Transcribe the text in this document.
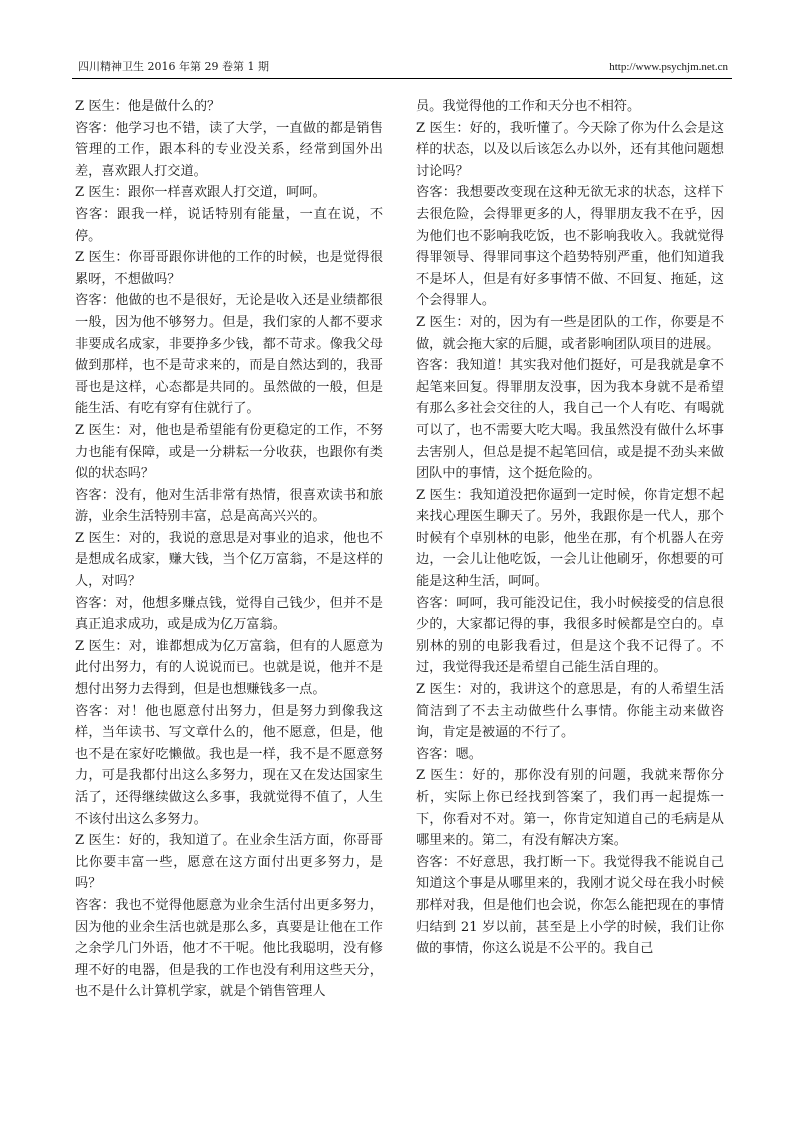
四川精神卫生 2016 年第 29 卷第 1 期	http://www.psychjm.net.cn

Z 医生：他是做什么的？

咨客：他学习也不错，读了大学，一直做的都是销售管理的工作，跟本科的专业没关系，经常到国外出差，喜欢跟人打交道。

Z 医生：跟你一样喜欢跟人打交道，呵呵。

咨客：跟我一样，说话特别有能量，一直在说，不停。

Z 医生：你哥哥跟你讲他的工作的时候，也是觉得很累呀，不想做吗？

咨客：他做的也不是很好，无论是收入还是业绩都很一般，因为他不够努力。但是，我们家的人都不要求非要成名成家，非要挣多少钱，都不苛求。像我父母做到那样，也不是苛求来的，而是自然达到的，我哥哥也是这样，心态都是共同的。虽然做的一般，但是能生活、有吃有穿有住就行了。

Z 医生：对，他也是希望能有份更稳定的工作，不努力也能有保障，或是一分耕耘一分收获，也跟你有类似的状态吗？

咨客：没有，他对生活非常有热情，很喜欢读书和旅游，业余生活特别丰富，总是高高兴兴的。

Z 医生：对的，我说的意思是对事业的追求，他也不是想成名成家，赚大钱，当个亿万富翁，不是这样的人，对吗？

咨客：对，他想多赚点钱，觉得自己钱少，但并不是真正追求成功，或是成为亿万富翁。

Z 医生：对，谁都想成为亿万富翁，但有的人愿意为此付出努力，有的人说说而已。也就是说，他并不是想付出努力去得到，但是也想赚钱多一点。

咨客：对！他也愿意付出努力，但是努力到像我这样，当年读书、写文章什么的，他不愿意，但是，他也不是在家好吃懒做。我也是一样，我不是不愿意努力，可是我都付出这么多努力，现在又在发达国家生活了，还得继续做这么多事，我就觉得不值了，人生不该付出这么多努力。

Z 医生：好的，我知道了。在业余生活方面，你哥哥比你要丰富一些，愿意在这方面付出更多努力，是吗？

咨客：我也不觉得他愿意为业余生活付出更多努力，因为他的业余生活也就是那么多，真要是让他在工作之余学几门外语，他才不干呢。他比我聪明，没有修理不好的电器，但是我的工作也没有利用这些天分，也不是什么计算机学家，就是个销售管理人

员。我觉得他的工作和天分也不相符。

Z 医生：好的，我听懂了。今天除了你为什么会是这样的状态，以及以后该怎么办以外，还有其他问题想讨论吗？

咨客：我想要改变现在这种无欲无求的状态，这样下去很危险，会得罪更多的人，得罪朋友我不在乎，因为他们也不影响我吃饭，也不影响我收入。我就觉得得罪领导、得罪同事这个趋势特别严重，他们知道我不是坏人，但是有好多事情不做、不回复、拖延，这个会得罪人。

Z 医生：对的，因为有一些是团队的工作，你要是不做，就会拖大家的后腿，或者影响团队项目的进展。

咨客：我知道！其实我对他们挺好，可是我就是拿不起笔来回复。得罪朋友没事，因为我本身就不是希望有那么多社会交往的人，我自己一个人有吃、有喝就可以了，也不需要大吃大喝。我虽然没有做什么坏事去害别人，但总是提不起笔回信，或是提不劲头来做团队中的事情，这个挺危险的。

Z 医生：我知道没把你逼到一定时候，你肯定想不起来找心理医生聊天了。另外，我跟你是一代人，那个时候有个卓别林的电影，他坐在那，有个机器人在旁边，一会儿让他吃饭，一会儿让他刷牙，你想要的可能是这种生活，呵呵。

咨客：呵呵，我可能没记住，我小时候接受的信息很少的，大家都记得的事，我很多时候都是空白的。卓别林的别的电影我看过，但是这个我不记得了。不过，我觉得我还是希望自己能生活自理的。

Z 医生：对的，我讲这个的意思是，有的人希望生活简洁到了不去主动做些什么事情。你能主动来做咨询，肯定是被逼的不行了。

咨客：嗯。

Z 医生：好的，那你没有别的问题，我就来帮你分析，实际上你已经找到答案了，我们再一起提炼一下，你看对不对。第一，你肯定知道自己的毛病是从哪里来的。第二，有没有解决方案。

咨客：不好意思，我打断一下。我觉得我不能说自己知道这个事是从哪里来的，我刚才说父母在我小时候那样对我，但是他们也会说，你怎么能把现在的事情归结到 21 岁以前，甚至是上小学的时候，我们让你做的事情，你这么说是不公平的。我自己
